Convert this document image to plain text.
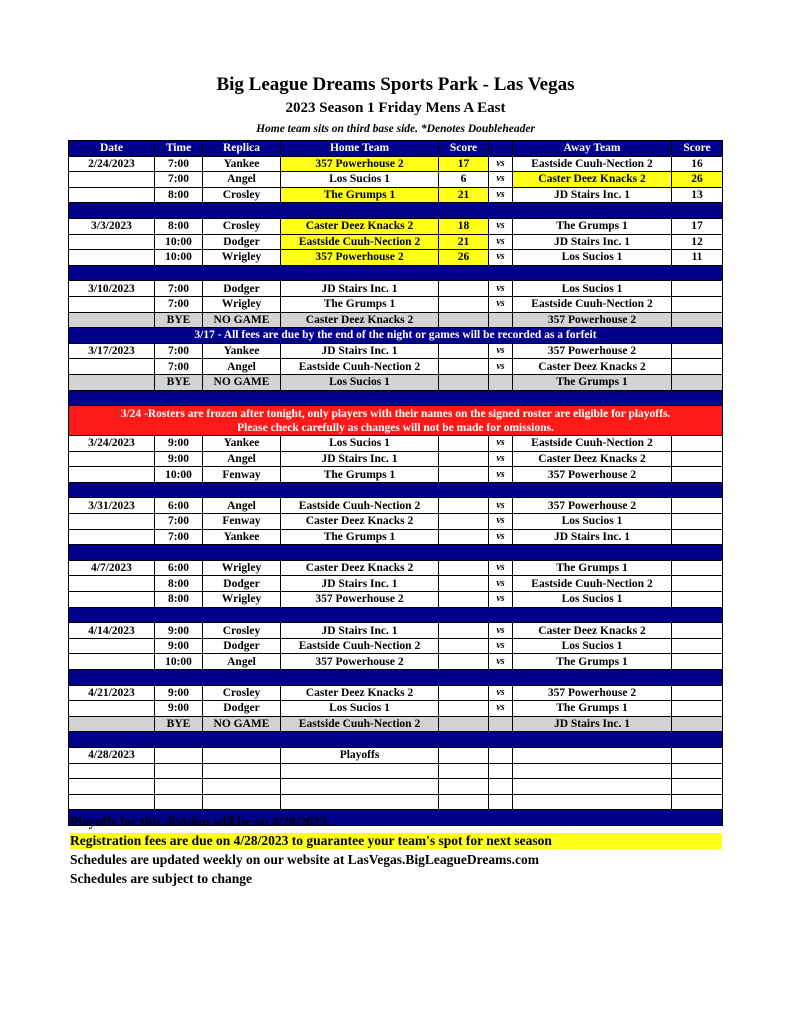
Big League Dreams Sports Park - Las Vegas
2023 Season 1 Friday Mens A East
Home team sits on third base side. *Denotes Doubleheader
Date	Time	Replica	Home Team	Score		Away Team	Score
2/24/2023	7:00	Yankee	357 Powerhouse 2	17	vs	Eastside Cuuh-Nection 2	16
	7:00	Angel	Los Sucios 1	6	vs	Caster Deez Knacks 2	26
	8:00	Crosley	The Grumps 1	21	vs	JD Stairs Inc. 1	13

3/3/2023	8:00	Crosley	Caster Deez Knacks 2	18	vs	The Grumps 1	17
	10:00	Dodger	Eastside Cuuh-Nection 2	21	vs	JD Stairs Inc. 1	12
	10:00	Wrigley	357 Powerhouse 2	26	vs	Los Sucios 1	11

3/10/2023	7:00	Dodger	JD Stairs Inc. 1		vs	Los Sucios 1	
	7:00	Wrigley	The Grumps 1		vs	Eastside Cuuh-Nection 2	
	BYE	NO GAME	Caster Deez Knacks 2			357 Powerhouse 2	
3/17 - All fees are due by the end of the night or games will be recorded as a forfeit							
3/17/2023	7:00	Yankee	JD Stairs Inc. 1		vs	357 Powerhouse 2	
	7:00	Angel	Eastside Cuuh-Nection 2		vs	Caster Deez Knacks 2	
	BYE	NO GAME	Los Sucios 1			The Grumps 1	

3/24 -Rosters are frozen after tonight, only players with their names on the signed roster are eligible for playoffs.
Please check carefully as changes will not be made for omissions.							

3/24/2023	9:00	Yankee	Los Sucios 1		vs	Eastside Cuuh-Nection 2	
	9:00	Angel	JD Stairs Inc. 1		vs	Caster Deez Knacks 2	
	10:00	Fenway	The Grumps 1		vs	357 Powerhouse 2	

3/31/2023	6:00	Angel	Eastside Cuuh-Nection 2		vs	357 Powerhouse 2	
	7:00	Fenway	Caster Deez Knacks 2		vs	Los Sucios 1	
	7:00	Yankee	The Grumps 1		vs	JD Stairs Inc. 1	

4/7/2023	6:00	Wrigley	Caster Deez Knacks 2		vs	The Grumps 1	
	8:00	Dodger	JD Stairs Inc. 1		vs	Eastside Cuuh-Nection 2	
	8:00	Wrigley	357 Powerhouse 2		vs	Los Sucios 1	

4/14/2023	9:00	Crosley	JD Stairs Inc. 1		vs	Caster Deez Knacks 2	
	9:00	Dodger	Eastside Cuuh-Nection 2		vs	Los Sucios 1	
	10:00	Angel	357 Powerhouse 2		vs	The Grumps 1	

4/21/2023	9:00	Crosley	Caster Deez Knacks 2		vs	357 Powerhouse 2	
	9:00	Dodger	Los Sucios 1		vs	The Grumps 1	
	BYE	NO GAME	Eastside Cuuh-Nection 2			JD Stairs Inc. 1	

4/28/2023			Playoffs				

Playoffs for this division will be on 4/28/2023.
Registration fees are due on 4/28/2023 to guarantee your team's spot for next season
Schedules are updated weekly on our website at LasVegas.BigLeagueDreams.com
Schedules are subject to change
